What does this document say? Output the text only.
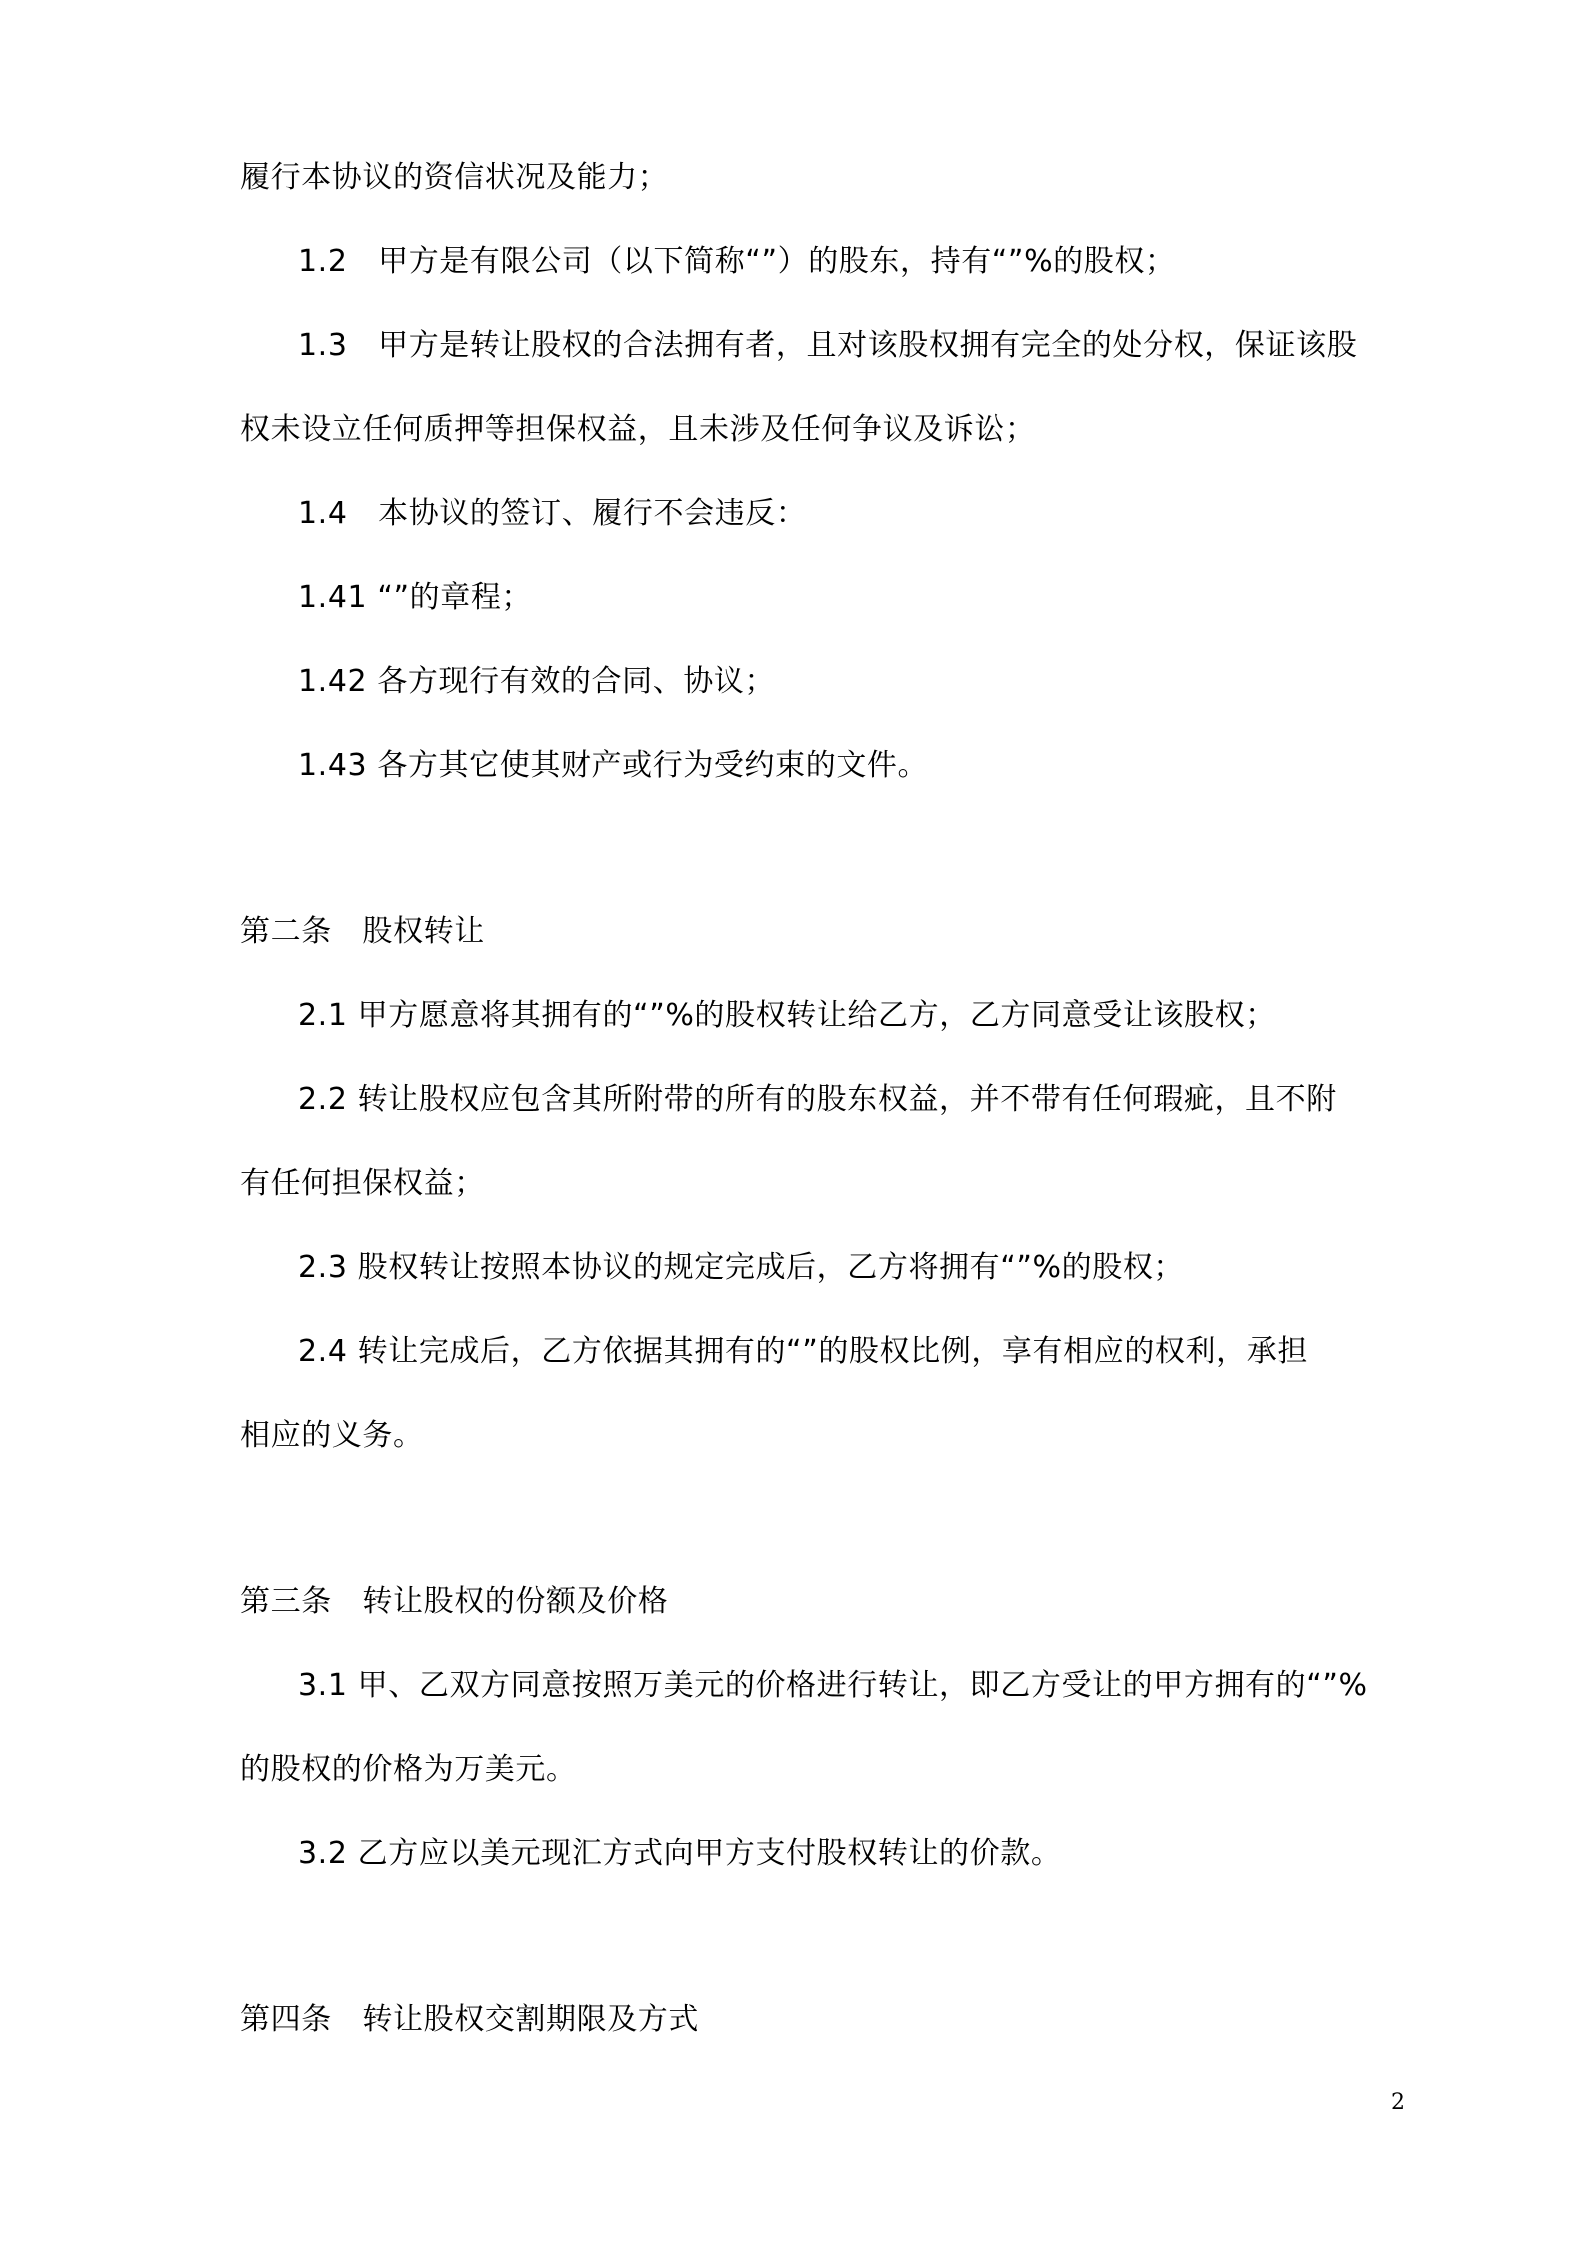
履行本协议的资信状况及能力；
1.2　甲方是有限公司（以下简称“”）的股东，持有“”%的股权；
1.3　甲方是转让股权的合法拥有者，且对该股权拥有完全的处分权，保证该股
权未设立任何质押等担保权益，且未涉及任何争议及诉讼；
1.4　本协议的签订、履行不会违反：
1.41 “”的章程；
1.42 各方现行有效的合同、协议；
1.43 各方其它使其财产或行为受约束的文件。
第二条　股权转让
2.1 甲方愿意将其拥有的“”%的股权转让给乙方，乙方同意受让该股权；
2.2 转让股权应包含其所附带的所有的股东权益，并不带有任何瑕疵，且不附
有任何担保权益；
2.3 股权转让按照本协议的规定完成后，乙方将拥有“”%的股权；
2.4 转让完成后，乙方依据其拥有的“”的股权比例，享有相应的权利，承担
相应的义务。
第三条　转让股权的份额及价格
3.1 甲、乙双方同意按照万美元的价格进行转让，即乙方受让的甲方拥有的“”%
的股权的价格为万美元。
3.2 乙方应以美元现汇方式向甲方支付股权转让的价款。
第四条　转让股权交割期限及方式
2
